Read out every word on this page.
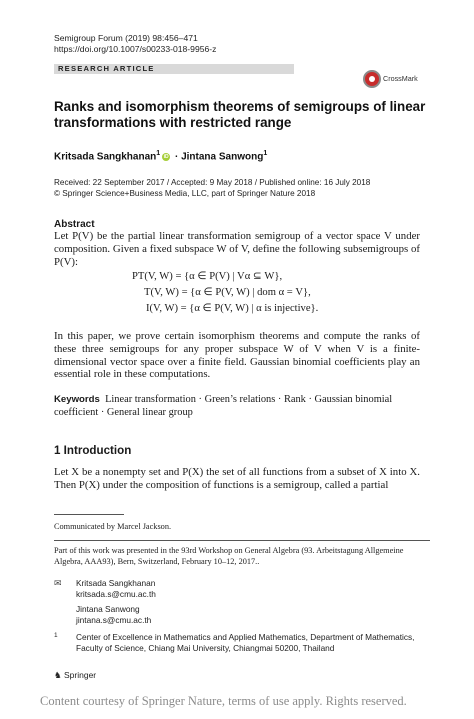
Semigroup Forum (2019) 98:456–471
https://doi.org/10.1007/s00233-018-9956-z
RESEARCH ARTICLE
CrossMark
Ranks and isomorphism theorems of semigroups of linear transformations with restricted range
Kritsada Sangkhanan$^1$ iD · Jintana Sanwong$^1$
Received: 22 September 2017 / Accepted: 9 May 2018 / Published online: 16 July 2018
© Springer Science+Business Media, LLC, part of Springer Nature 2018
Abstract
Let P(V) be the partial linear transformation semigroup of a vector space V under composition. Given a fixed subspace W of V, define the following subsemigroups of P(V):
PT(V, W) = {α ∈ P(V) | Vα ⊆ W},
T(V, W) = {α ∈ P(V, W) | dom α = V},
I(V, W) = {α ∈ P(V, W) | α is injective}.
In this paper, we prove certain isomorphism theorems and compute the ranks of these three semigroups for any proper subspace W of V when V is a finite-dimensional vector space over a finite field. Gaussian binomial coefficients play an essential role in these computations.
Keywords Linear transformation · Green’s relations · Rank · Gaussian binomial coefficient · General linear group
1 Introduction
Let X be a nonempty set and P(X) the set of all functions from a subset of X into X. Then P(X) under the composition of functions is a semigroup, called a partial
Communicated by Marcel Jackson.
Part of this work was presented in the 93rd Workshop on General Algebra (93. Arbeitstagung Allgemeine Algebra, AAA93), Bern, Switzerland, February 10–12, 2017..
✉ Kritsada Sangkhanan
kritsada.s@cmu.ac.th
Jintana Sanwong
jintana.s@cmu.ac.th
1 Center of Excellence in Mathematics and Applied Mathematics, Department of Mathematics, Faculty of Science, Chiang Mai University, Chiangmai 50200, Thailand
♞ Springer
Content courtesy of Springer Nature, terms of use apply. Rights reserved.
